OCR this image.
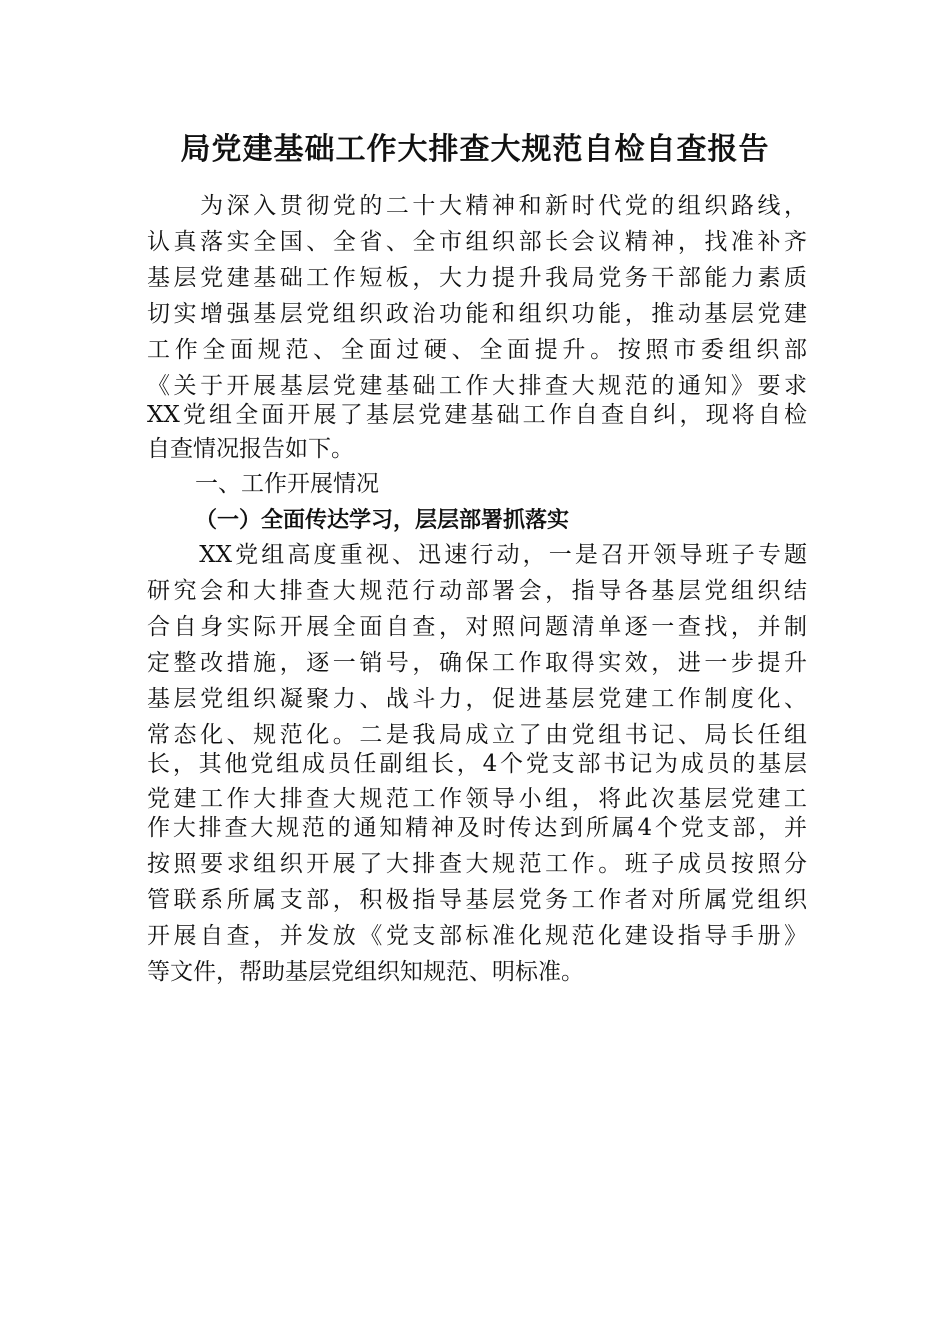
局党建基础工作大排查大规范自检自查报告
　　为深入贯彻党的二十大精神和新时代党的组织路线，
认真落实全国、全省、全市组织部长会议精神，找准补齐
基层党建基础工作短板，大力提升我局党务干部能力素质
切实增强基层党组织政治功能和组织功能，推动基层党建
工作全面规范、全面过硬、全面提升。按照市委组织部
《关于开展基层党建基础工作大排查大规范的通知》要求
XX党组全面开展了基层党建基础工作自查自纠，现将自检
自查情况报告如下。
一、工作开展情况
（一）全面传达学习，层层部署抓落实
　　XX党组高度重视、迅速行动，一是召开领导班子专题
研究会和大排查大规范行动部署会，指导各基层党组织结
合自身实际开展全面自查，对照问题清单逐一查找，并制
定整改措施，逐一销号，确保工作取得实效，进一步提升
基层党组织凝聚力、战斗力，促进基层党建工作制度化、
常态化、规范化。二是我局成立了由党组书记、局长任组
长，其他党组成员任副组长，4个党支部书记为成员的基层
党建工作大排查大规范工作领导小组，将此次基层党建工
作大排查大规范的通知精神及时传达到所属4个党支部，并
按照要求组织开展了大排查大规范工作。班子成员按照分
管联系所属支部，积极指导基层党务工作者对所属党组织
开展自查，并发放《党支部标准化规范化建设指导手册》
等文件，帮助基层党组织知规范、明标准。
